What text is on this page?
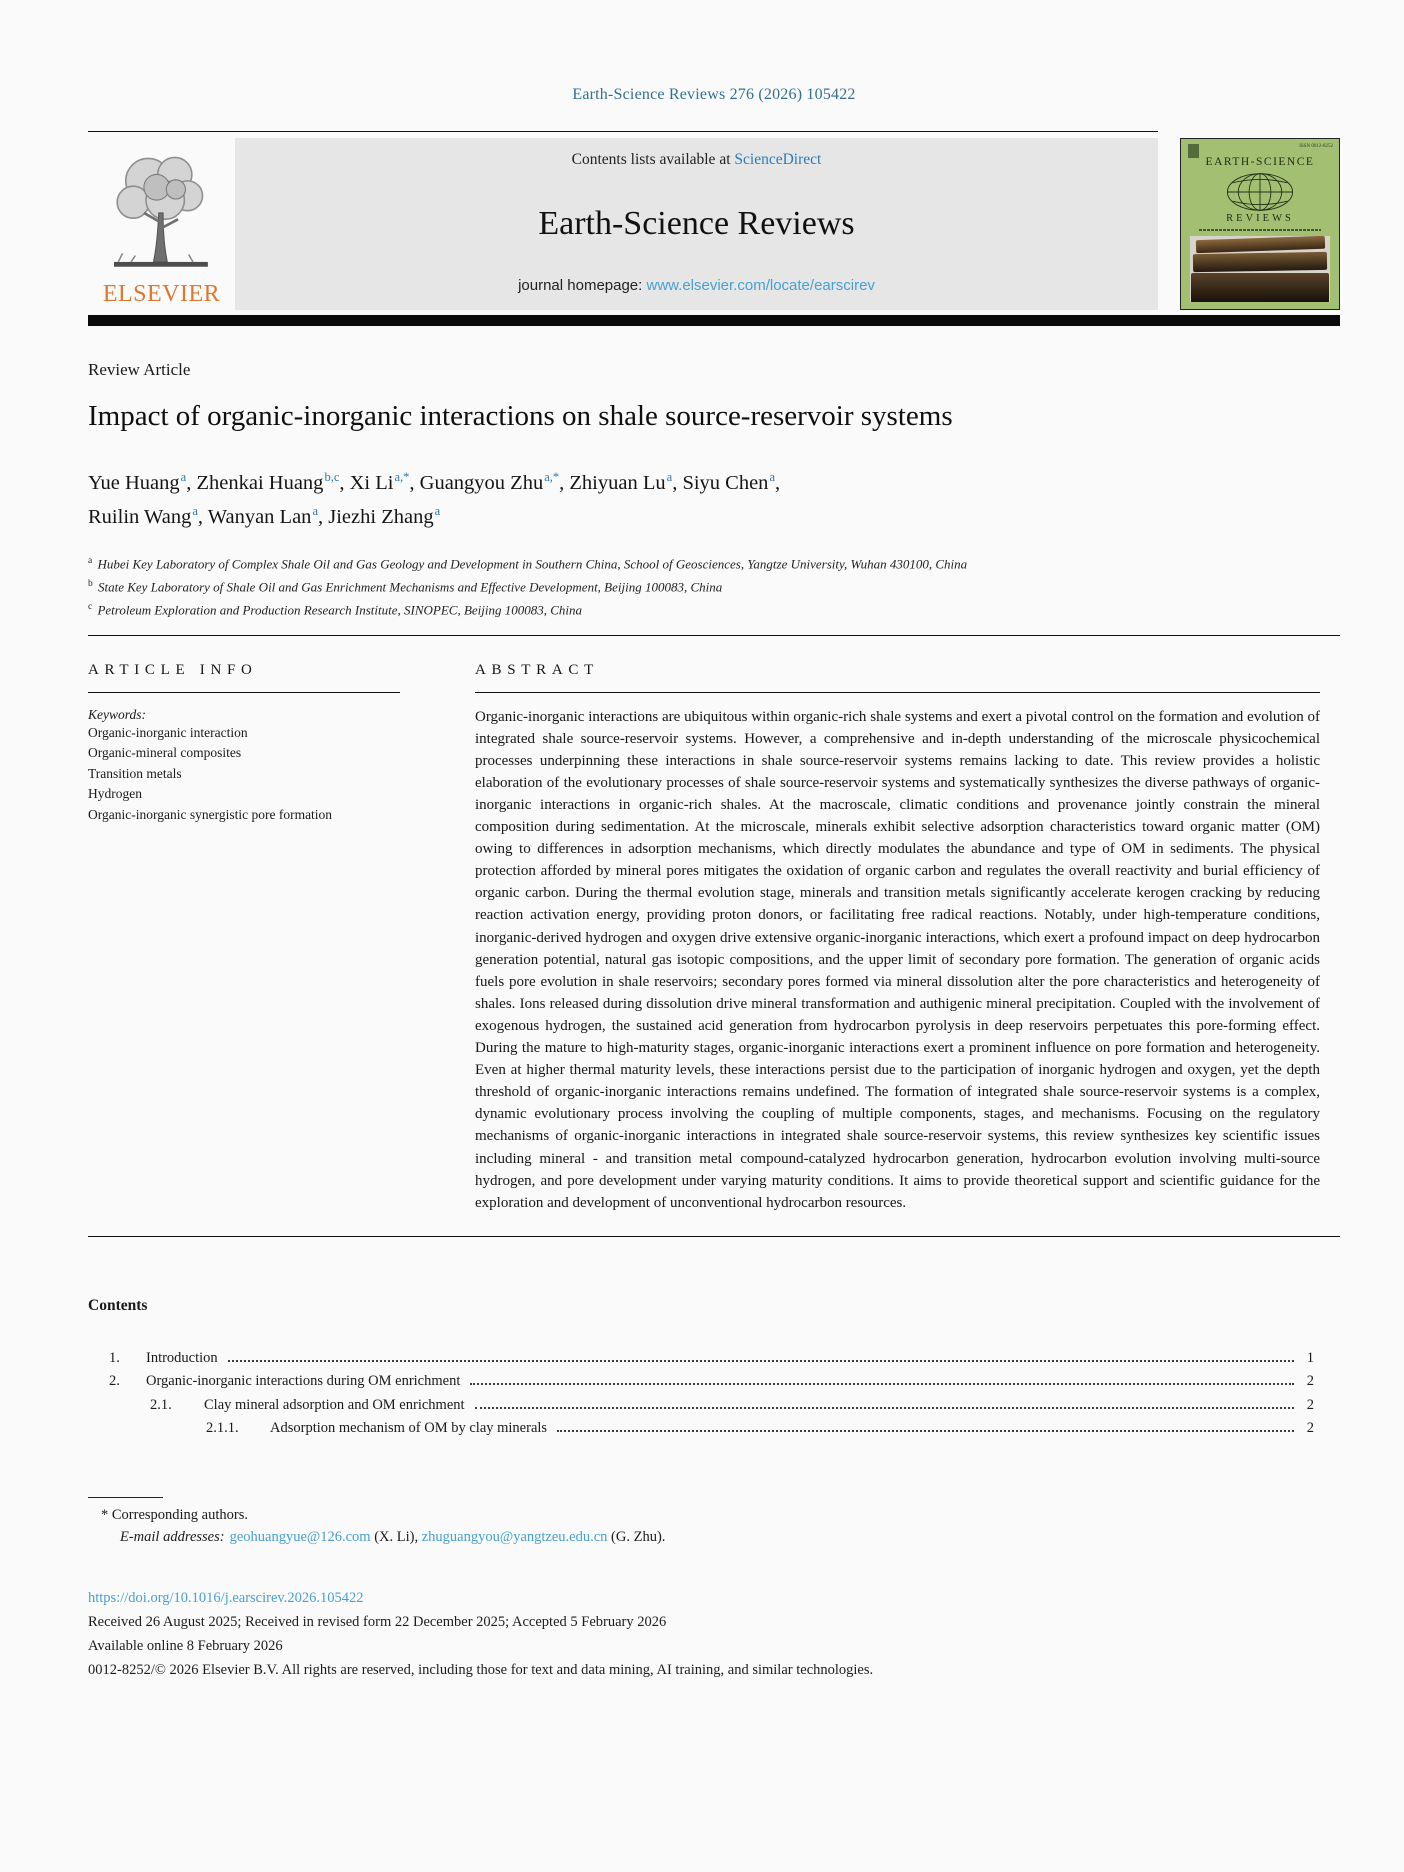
Earth-Science Reviews 276 (2026) 105422
ELSEVIER
Contents lists available at ScienceDirect
Earth-Science Reviews
journal homepage: www.elsevier.com/locate/earscirev
ISSN 0012-8252
EARTH-SCIENCE
REVIEWS
Review Article
Impact of organic-inorganic interactions on shale source-reservoir systems
Yue Huang$^a$, Zhenkai Huang$^{b,c}$, Xi $Li^{a,*}$, Guangyou Zhu$^{a,*}$, Zhiyuan Lu$^a$, Siyu Chen$^a$,
Ruilin Wang$^a$, Wanyan Lan$^a$, Jiezhi Zhang$^a$
$^a$ Hubei Key Laboratory of Complex Shale Oil and Gas Geology and Development in Southern China, School of Geosciences, Yangtze University, Wuhan 430100, China
$^b$ State Key Laboratory of Shale Oil and Gas Enrichment Mechanisms and Effective Development, Beijing 100083, China
$^c$ Petroleum Exploration and Production Research Institute, SINOPEC, Beijing 100083, China
ARTICLE INFO
Keywords:
Organic-inorganic interaction
Organic-mineral composites
Transition metals
Hydrogen
Organic-inorganic synergistic pore formation
ABSTRACT

Organic-inorganic interactions are ubiquitous within organic-rich shale systems and exert a pivotal control on the formation and evolution of integrated shale source-reservoir systems. However, a comprehensive and in-depth understanding of the microscale physicochemical processes underpinning these interactions in shale source-reservoir systems remains lacking to date. This review provides a holistic elaboration of the evolutionary processes of shale source-reservoir systems and systematically synthesizes the diverse pathways of organic-inorganic interactions in organic-rich shales. At the macroscale, climatic conditions and provenance jointly constrain the mineral composition during sedimentation. At the microscale, minerals exhibit selective adsorption characteristics toward organic matter (OM) owing to differences in adsorption mechanisms, which directly modulates the abundance and type of OM in sediments. The physical protection afforded by mineral pores mitigates the oxidation of organic carbon and regulates the overall reactivity and burial efficiency of organic carbon. During the thermal evolution stage, minerals and transition metals significantly accelerate kerogen cracking by reducing reaction activation energy, providing proton donors, or facilitating free radical reactions. Notably, under high-temperature conditions, inorganic-derived hydrogen and oxygen drive extensive organic-inorganic interactions, which exert a profound impact on deep hydrocarbon generation potential, natural gas isotopic compositions, and the upper limit of secondary pore formation. The generation of organic acids fuels pore evolution in shale reservoirs; secondary pores formed via mineral dissolution alter the pore characteristics and heterogeneity of shales. Ions released during dissolution drive mineral transformation and authigenic mineral precipitation. Coupled with the involvement of exogenous hydrogen, the sustained acid generation from hydrocarbon pyrolysis in deep reservoirs perpetuates this pore-forming effect. During the mature to high-maturity stages, organic-inorganic interactions exert a prominent influence on pore formation and heterogeneity. Even at higher thermal maturity levels, these interactions persist due to the participation of inorganic hydrogen and oxygen, yet the depth threshold of organic-inorganic interactions remains undefined. The formation of integrated shale source-reservoir systems is a complex, dynamic evolutionary process involving the coupling of multiple components, stages, and mechanisms. Focusing on the regulatory mechanisms of organic-inorganic interactions in integrated shale source-reservoir systems, this review synthesizes key scientific issues including mineral - and transition metal compound-catalyzed hydrocarbon generation, hydrocarbon evolution involving multi-source hydrogen, and pore development under varying maturity conditions. It aims to provide theoretical support and scientific guidance for the exploration and development of unconventional hydrocarbon resources.

Contents
1.	Introduction	1
2.	Organic-inorganic interactions during OM enrichment	2
2.1.	Clay mineral adsorption and OM enrichment	2
2.1.1.	Adsorption mechanism of OM by clay minerals	2
* Corresponding authors.
E-mail addresses: geohuangyue@126.com (X. Li), zhuguangyou@yangtzeu.edu.cn (G. Zhu).
https://doi.org/10.1016/j.earscirev.2026.105422
Received 26 August 2025; Received in revised form 22 December 2025; Accepted 5 February 2026
Available online 8 February 2026
0012-8252/© 2026 Elsevier B.V. All rights are reserved, including those for text and data mining, AI training, and similar technologies.
